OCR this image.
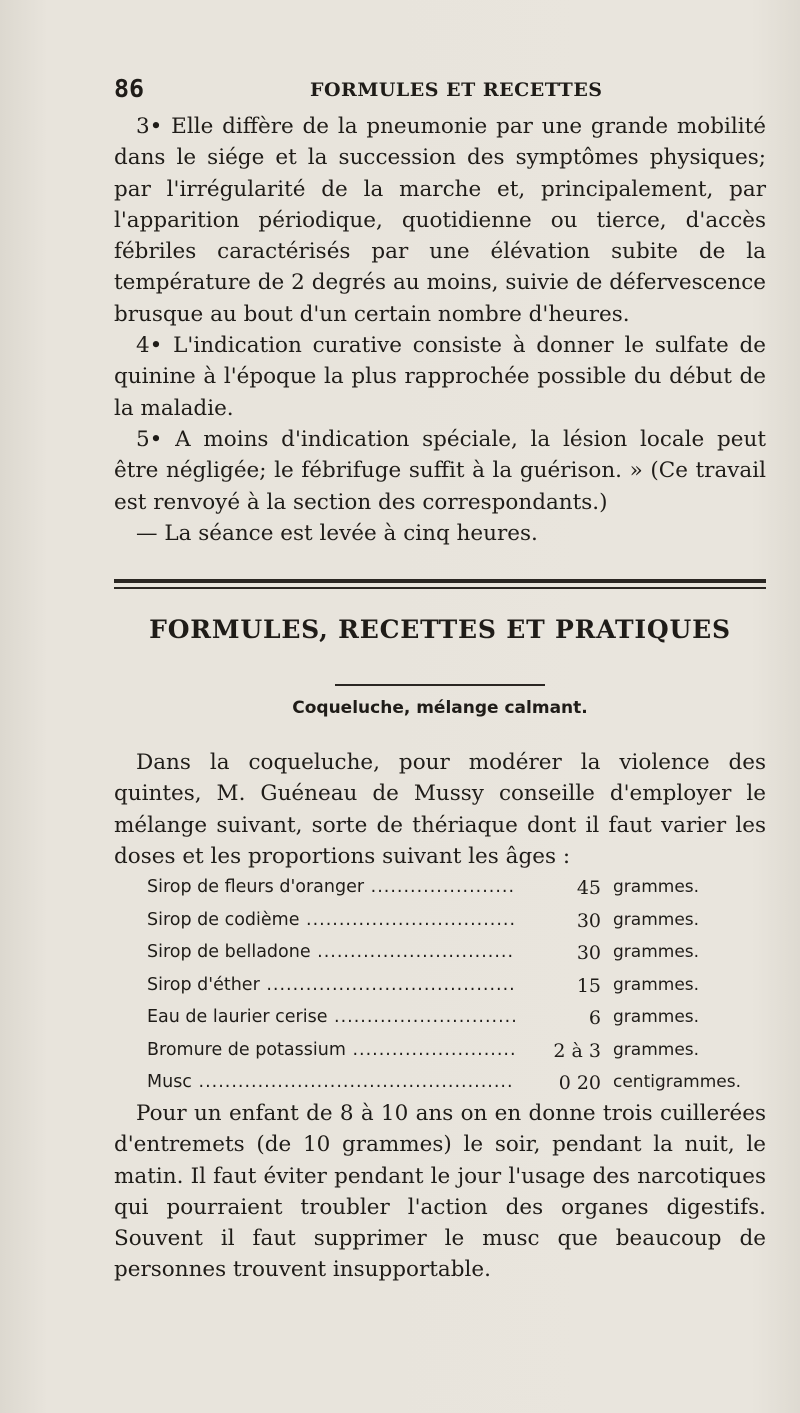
86	FORMULES ET RECETTES

3• Elle diffère de la pneumonie par une grande mobilité dans le siége et la succession des symptômes physiques; par l'irrégularité de la marche et, principalement, par l'apparition périodique, quotidienne ou tierce, d'accès fébriles caractérisés par une élévation subite de la température de 2 degrés au moins, suivie de défervescence brusque au bout d'un certain nombre d'heures.

4• L'indication curative consiste à donner le sulfate de quinine à l'époque la plus rapprochée possible du début de la maladie.

5• A moins d'indication spéciale, la lésion locale peut être négligée; le fébrifuge suffit à la guérison. » (Ce travail est renvoyé à la section des correspondants.)

— La séance est levée à cinq heures.

FORMULES, RECETTES ET PRATIQUES
Coqueluche, mélange calmant.

Dans la coqueluche, pour modérer la violence des quintes, M. Guéneau de Mussy conseille d'employer le mélange suivant, sorte de thériaque dont il faut varier les doses et les proportions suivant les âges :

Sirop de fleurs d'oranger .....	45 grammes.
Sirop de codième .....	30 grammes.
Sirop de belladone .....	30 grammes.
Sirop d'éther .....	15 grammes.
Eau de laurier cerise .....	6 grammes.
Bromure de potassium .....	2 à 3 grammes.
Musc .....	0 20 centigrammes.

Pour un enfant de 8 à 10 ans on en donne trois cuillerées d'entremets (de 10 grammes) le soir, pendant la nuit, le matin. Il faut éviter pendant le jour l'usage des narcotiques qui pourraient troubler l'action des organes digestifs. Souvent il faut supprimer le musc que beaucoup de personnes trouvent insupportable.
